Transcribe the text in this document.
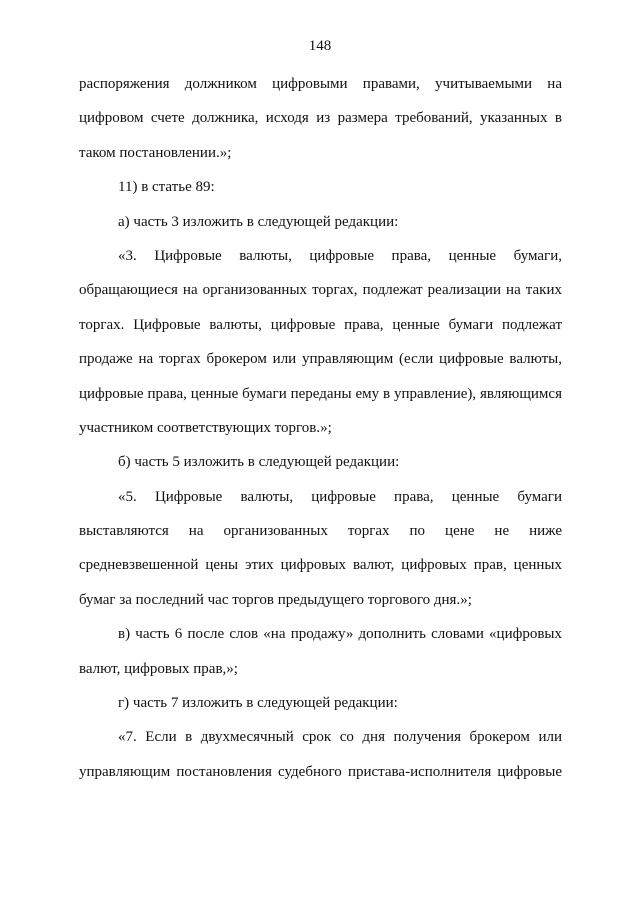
148
распоряжения должником цифровыми правами, учитываемыми на
цифровом счете должника, исходя из размера требований, указанных в
таком постановлении.»;
11) в статье 89:
а) часть 3 изложить в следующей редакции:
«3. Цифровые валюты, цифровые права, ценные бумаги,
обращающиеся на организованных торгах, подлежат реализации на таких
торгах. Цифровые валюты, цифровые права, ценные бумаги подлежат
продаже на торгах брокером или управляющим (если цифровые валюты,
цифровые права, ценные бумаги переданы ему в управление), являющимся
участником соответствующих торгов.»;
б) часть 5 изложить в следующей редакции:
«5. Цифровые валюты, цифровые права, ценные бумаги
выставляются на организованных торгах по цене не ниже
средневзвешенной цены этих цифровых валют, цифровых прав, ценных
бумаг за последний час торгов предыдущего торгового дня.»;
в) часть 6 после слов «на продажу» дополнить словами «цифровых
валют, цифровых прав,»;
г) часть 7 изложить в следующей редакции:
«7. Если в двухмесячный срок со дня получения брокером или
управляющим постановления судебного пристава-исполнителя цифровые
